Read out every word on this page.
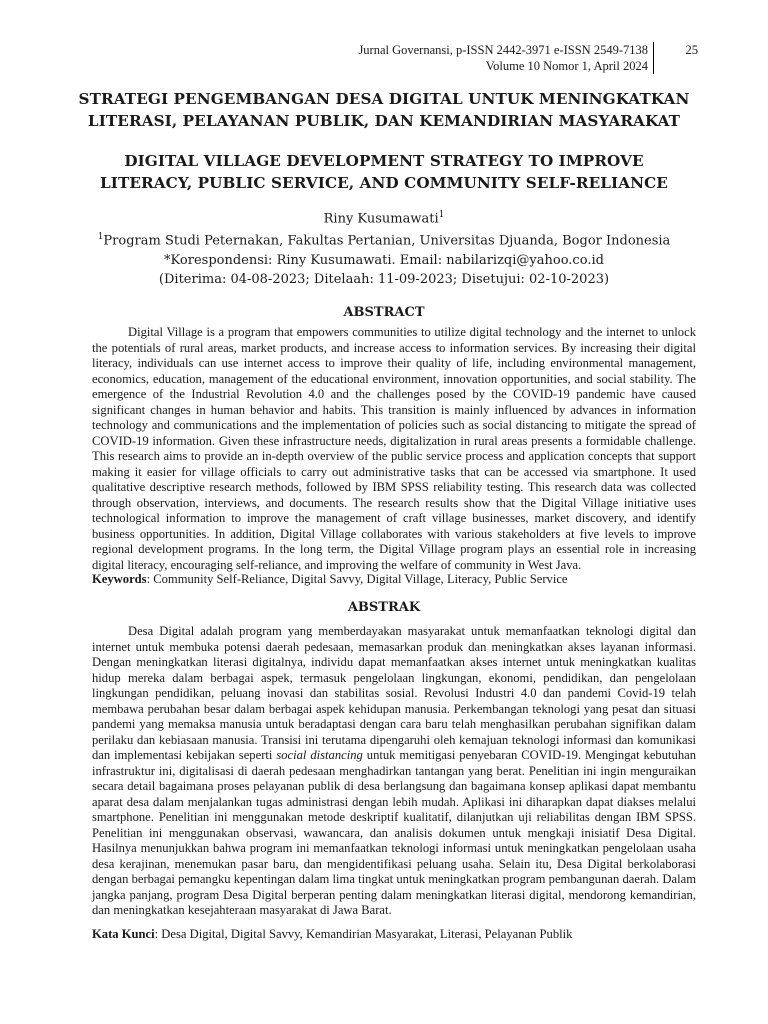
Jurnal Governansi, p-ISSN 2442-3971 e-ISSN 2549-7138
Volume 10 Nomor 1, April 2024
25
STRATEGI PENGEMBANGAN DESA DIGITAL UNTUK MENINGKATKAN LITERASI, PELAYANAN PUBLIK, DAN KEMANDIRIAN MASYARAKAT
DIGITAL VILLAGE DEVELOPMENT STRATEGY TO IMPROVE LITERACY, PUBLIC SERVICE, AND COMMUNITY SELF-RELIANCE
Riny Kusumawati$^1$
$^1$Program Studi Peternakan, Fakultas Pertanian, Universitas Djuanda, Bogor Indonesia
*Korespondensi: Riny Kusumawati. Email: nabilarizqi@yahoo.co.id
(Diterima: 04-08-2023; Ditelaah: 11-09-2023; Disetujui: 02-10-2023)
ABSTRACT
Digital Village is a program that empowers communities to utilize digital technology and the internet to unlock the potentials of rural areas, market products, and increase access to information services. By increasing their digital literacy, individuals can use internet access to improve their quality of life, including environmental management, economics, education, management of the educational environment, innovation opportunities, and social stability. The emergence of the Industrial Revolution 4.0 and the challenges posed by the COVID-19 pandemic have caused significant changes in human behavior and habits. This transition is mainly influenced by advances in information technology and communications and the implementation of policies such as social distancing to mitigate the spread of COVID-19 information. Given these infrastructure needs, digitalization in rural areas presents a formidable challenge. This research aims to provide an in-depth overview of the public service process and application concepts that support making it easier for village officials to carry out administrative tasks that can be accessed via smartphone. It used qualitative descriptive research methods, followed by IBM SPSS reliability testing. This research data was collected through observation, interviews, and documents. The research results show that the Digital Village initiative uses technological information to improve the management of craft village businesses, market discovery, and identify business opportunities. In addition, Digital Village collaborates with various stakeholders at five levels to improve regional development programs. In the long term, the Digital Village program plays an essential role in increasing digital literacy, encouraging self-reliance, and improving the welfare of community in West Java.
Keywords: Community Self-Reliance, Digital Savvy, Digital Village, Literacy, Public Service
ABSTRAK
Desa Digital adalah program yang memberdayakan masyarakat untuk memanfaatkan teknologi digital dan internet untuk membuka potensi daerah pedesaan, memasarkan produk dan meningkatkan akses layanan informasi. Dengan meningkatkan literasi digitalnya, individu dapat memanfaatkan akses internet untuk meningkatkan kualitas hidup mereka dalam berbagai aspek, termasuk pengelolaan lingkungan, ekonomi, pendidikan, dan pengelolaan lingkungan pendidikan, peluang inovasi dan stabilitas sosial. Revolusi Industri 4.0 dan pandemi Covid-19 telah membawa perubahan besar dalam berbagai aspek kehidupan manusia. Perkembangan teknologi yang pesat dan situasi pandemi yang memaksa manusia untuk beradaptasi dengan cara baru telah menghasilkan perubahan signifikan dalam perilaku dan kebiasaan manusia. Transisi ini terutama dipengaruhi oleh kemajuan teknologi informasi dan komunikasi dan implementasi kebijakan seperti social distancing untuk memitigasi penyebaran COVID-19. Mengingat kebutuhan infrastruktur ini, digitalisasi di daerah pedesaan menghadirkan tantangan yang berat. Penelitian ini ingin menguraikan secara detail bagaimana proses pelayanan publik di desa berlangsung dan bagaimana konsep aplikasi dapat membantu aparat desa dalam menjalankan tugas administrasi dengan lebih mudah. Aplikasi ini diharapkan dapat diakses melalui smartphone. Penelitian ini menggunakan metode deskriptif kualitatif, dilanjutkan uji reliabilitas dengan IBM SPSS. Penelitian ini menggunakan observasi, wawancara, dan analisis dokumen untuk mengkaji inisiatif Desa Digital. Hasilnya menunjukkan bahwa program ini memanfaatkan teknologi informasi untuk meningkatkan pengelolaan usaha desa kerajinan, menemukan pasar baru, dan mengidentifikasi peluang usaha. Selain itu, Desa Digital berkolaborasi dengan berbagai pemangku kepentingan dalam lima tingkat untuk meningkatkan program pembangunan daerah. Dalam jangka panjang, program Desa Digital berperan penting dalam meningkatkan literasi digital, mendorong kemandirian, dan meningkatkan kesejahteraan masyarakat di Jawa Barat.
Kata Kunci: Desa Digital, Digital Savvy, Kemandirian Masyarakat, Literasi, Pelayanan Publik
